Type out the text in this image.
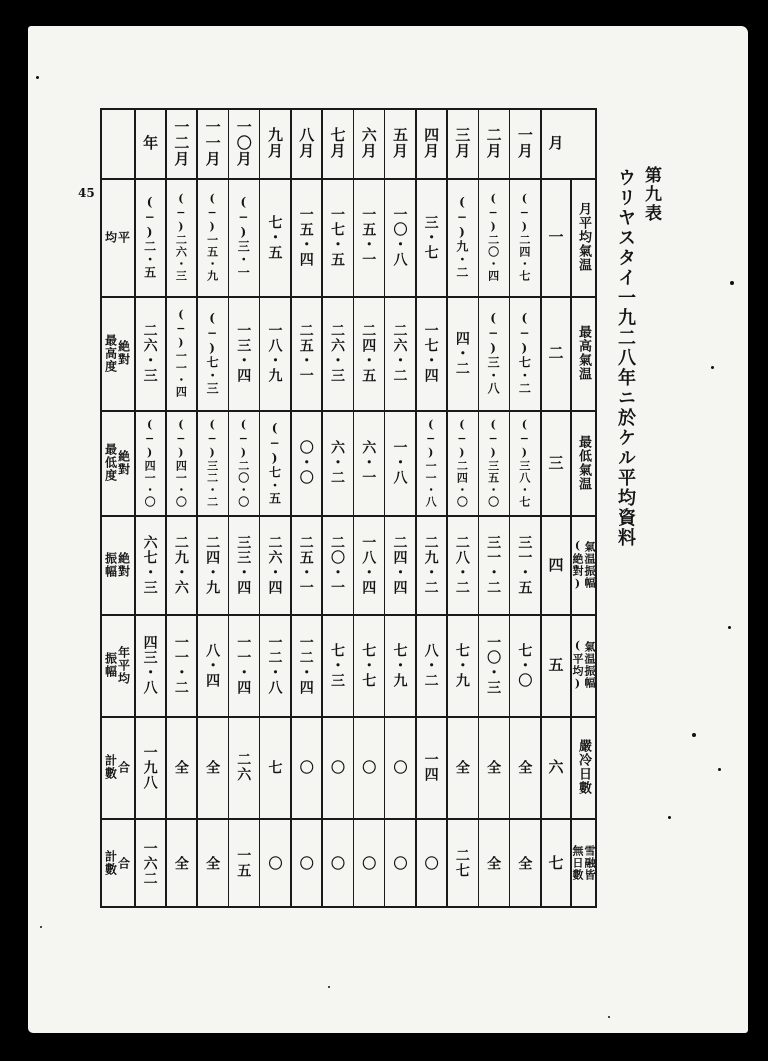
45	第九表
ウリヤスタイ一九二八年ニ於ケル平均資料
一月
二月
三月
四月
五月
六月
七月
八月
九月
一〇月
一一月
一二月
年	月
一 月平均氣温
(−)二四・七
(−)二〇・四
(−)九・二
三・七
一〇・八
一五・一
一七・五
一五・四
七・五
(−)三・一
(−)一五・九
(−)二六・三
(−)二・五
平
均
二 最高氣温
(−)七・二
(−)三・八
四・二
一七・四
二六・二
二四・五
二六・三
二五・一
一八・九
一三・四
(−)七・三
(−)一一・四
二六・三
絶對
最高度
三 最低氣温
(−)三八・七
(−)三五・〇
(−)二四・〇
(−)一一・八
一・八
六・一
六・二
〇・〇
(−)七・五
(−)二〇・〇
(−)三二・二
(−)四一・〇
(−)四一・〇
絶對
最低度
四 氣温振幅
(絶對)
三一・五
三一・二
二八・二
二九・二
二四・四
一八・四
二〇・一
二五・一
二六・四
三三・四
二四・九
二九・六
六七・三
絶對
振幅
五 氣温振幅
(平均)
七・〇
一〇・三
七・九
八・二
七・九
七・七
七・三
一二・四
一二・八
一一・四
八・四
一一・二
四三・八
年平均
振幅
六 嚴冷日數
全
全
全
一四
〇
〇
〇
〇
七
二六
全
全
一九八
合
計數
七 雪融皆
無日數
全
全
二七
〇
〇
〇
〇
〇
〇
一五
全
全
一六二
合
計數
